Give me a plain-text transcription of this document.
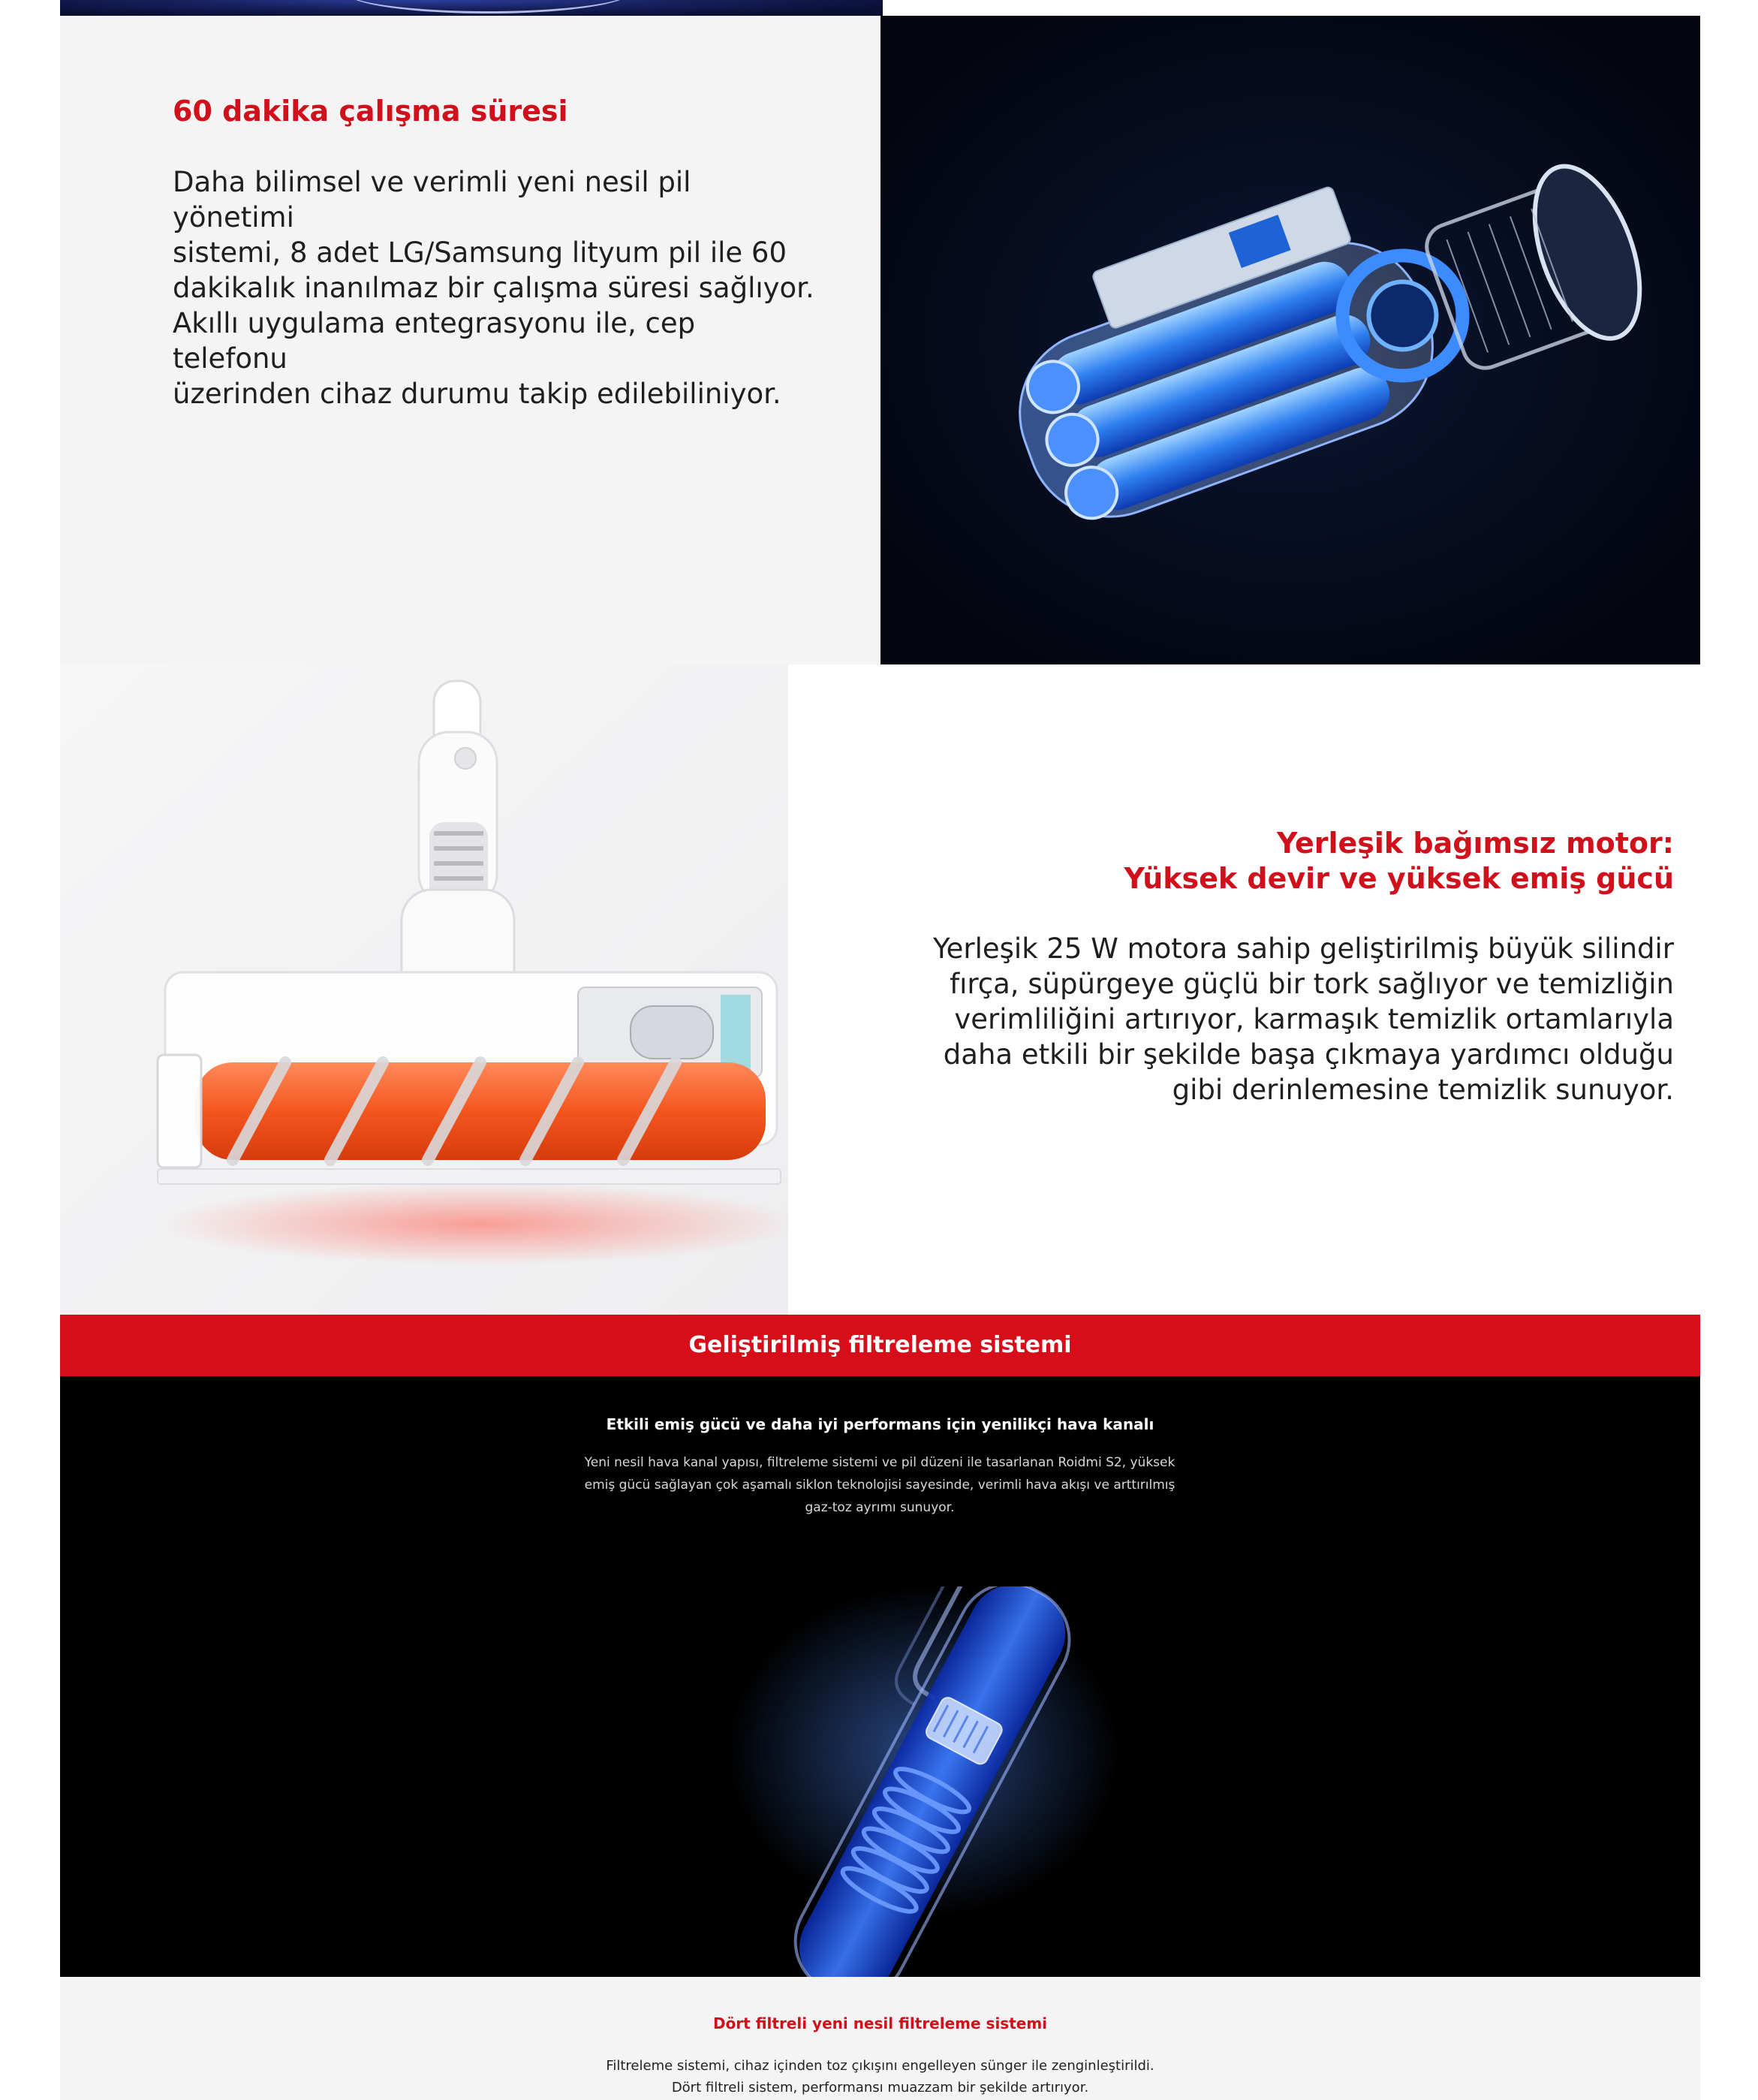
60 dakika çalışma süresi
Daha bilimsel ve verimli yeni nesil pil yönetimi
sistemi, 8 adet LG/Samsung lityum pil ile 60
dakikalık inanılmaz bir çalışma süresi sağlıyor.
Akıllı uygulama entegrasyonu ile, cep telefonu
üzerinden cihaz durumu takip edilebiliniyor.
Yerleşik bağımsız motor:
Yüksek devir ve yüksek emiş gücü
Yerleşik 25 W motora sahip geliştirilmiş büyük silindir
fırça, süpürgeye güçlü bir tork sağlıyor ve temizliğin
verimliliğini artırıyor, karmaşık temizlik ortamlarıyla
daha etkili bir şekilde başa çıkmaya yardımcı olduğu
gibi derinlemesine temizlik sunuyor.
Geliştirilmiş filtreleme sistemi
Etkili emiş gücü ve daha iyi performans için yenilikçi hava kanalı
Yeni nesil hava kanal yapısı, filtreleme sistemi ve pil düzeni ile tasarlanan Roidmi S2, yüksek
emiş gücü sağlayan çok aşamalı siklon teknolojisi sayesinde, verimli hava akışı ve arttırılmış
gaz-toz ayrımı sunuyor.
Dört filtreli yeni nesil filtreleme sistemi
Filtreleme sistemi, cihaz içinden toz çıkışını engelleyen sünger ile zenginleştirildi.
Dört filtreli sistem, performansı muazzam bir şekilde artırıyor.
